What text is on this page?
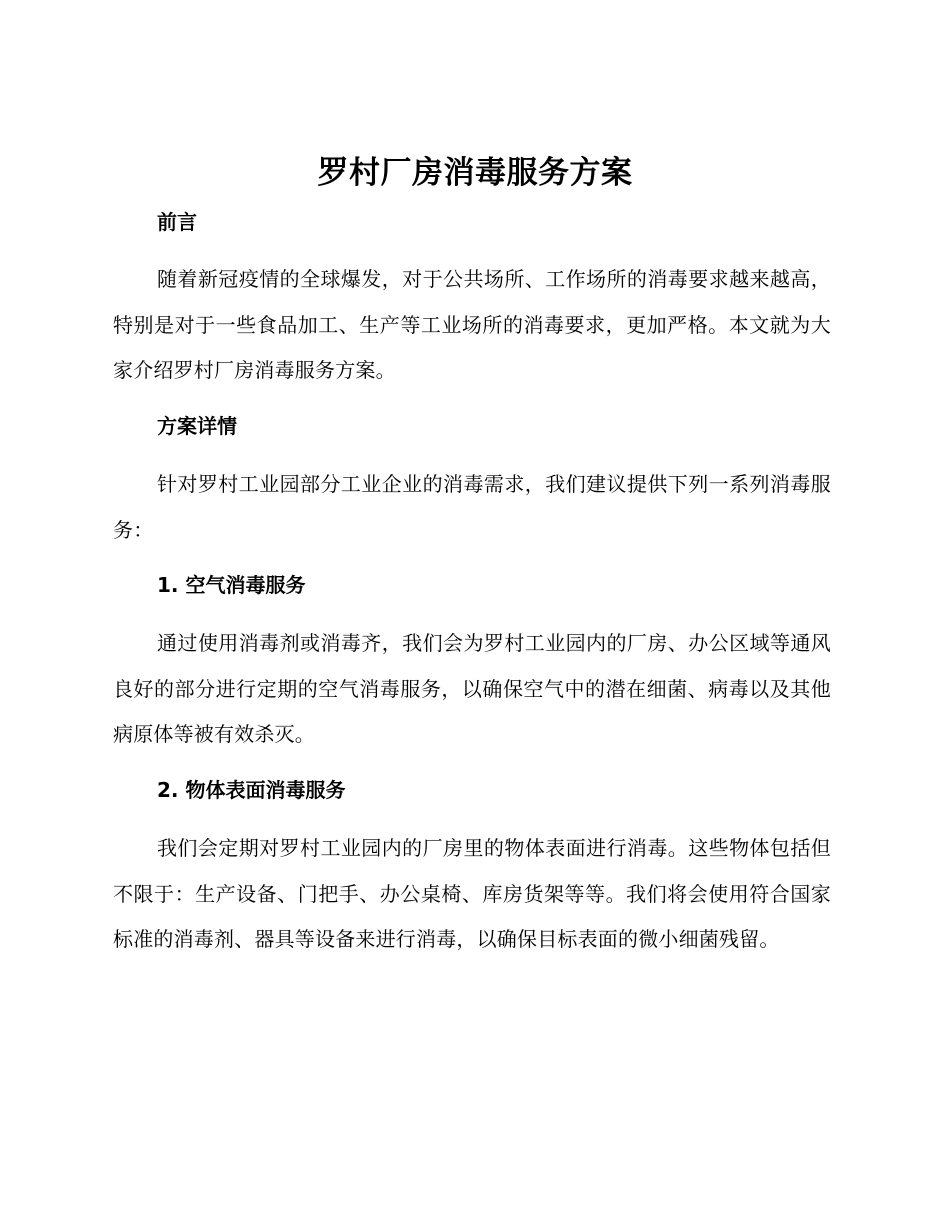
罗村厂房消毒服务方案
前言

随着新冠疫情的全球爆发，对于公共场所、工作场所的消毒要求越来越高，特别是对于一些食品加工、生产等工业场所的消毒要求，更加严格。本文就为大家介绍罗村厂房消毒服务方案。

方案详情

针对罗村工业园部分工业企业的消毒需求，我们建议提供下列一系列消毒服务：

1. 空气消毒服务

通过使用消毒剂或消毒齐，我们会为罗村工业园内的厂房、办公区域等通风良好的部分进行定期的空气消毒服务，以确保空气中的潜在细菌、病毒以及其他病原体等被有效杀灭。

2. 物体表面消毒服务

我们会定期对罗村工业园内的厂房里的物体表面进行消毒。这些物体包括但不限于：生产设备、门把手、办公桌椅、库房货架等等。我们将会使用符合国家标准的消毒剂、器具等设备来进行消毒，以确保目标表面的微小细菌残留。
